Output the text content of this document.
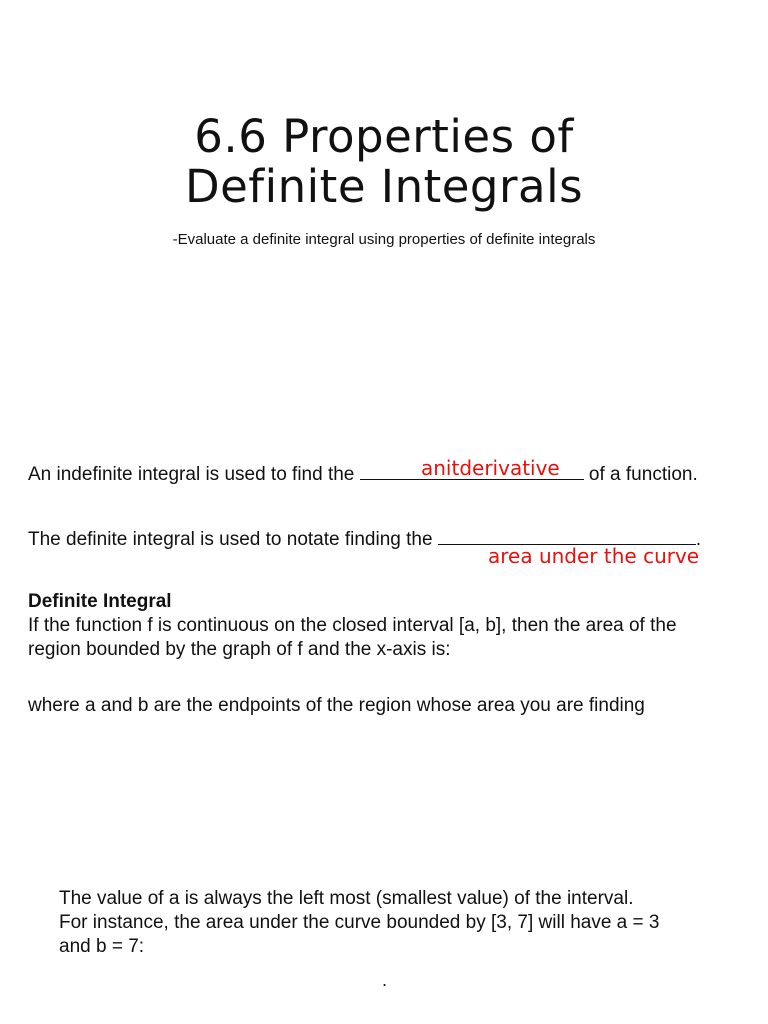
6.6 Properties of
Definite Integrals
-Evaluate a definite integral using properties of definite integrals
An indefinite integral is used to find the	of a function.
anitderivative
The definite integral is used to notate finding the	.
area under the curve
Definite Integral
If the function f is continuous on the closed interval [a, b], then the area of the
region bounded by the graph of f and the x-axis is:
where a and b are the endpoints of the region whose area you are finding
The value of a is always the left most (smallest value) of the interval.
For instance, the area under the curve bounded by [3, 7] will have a = 3
and b = 7:
.
